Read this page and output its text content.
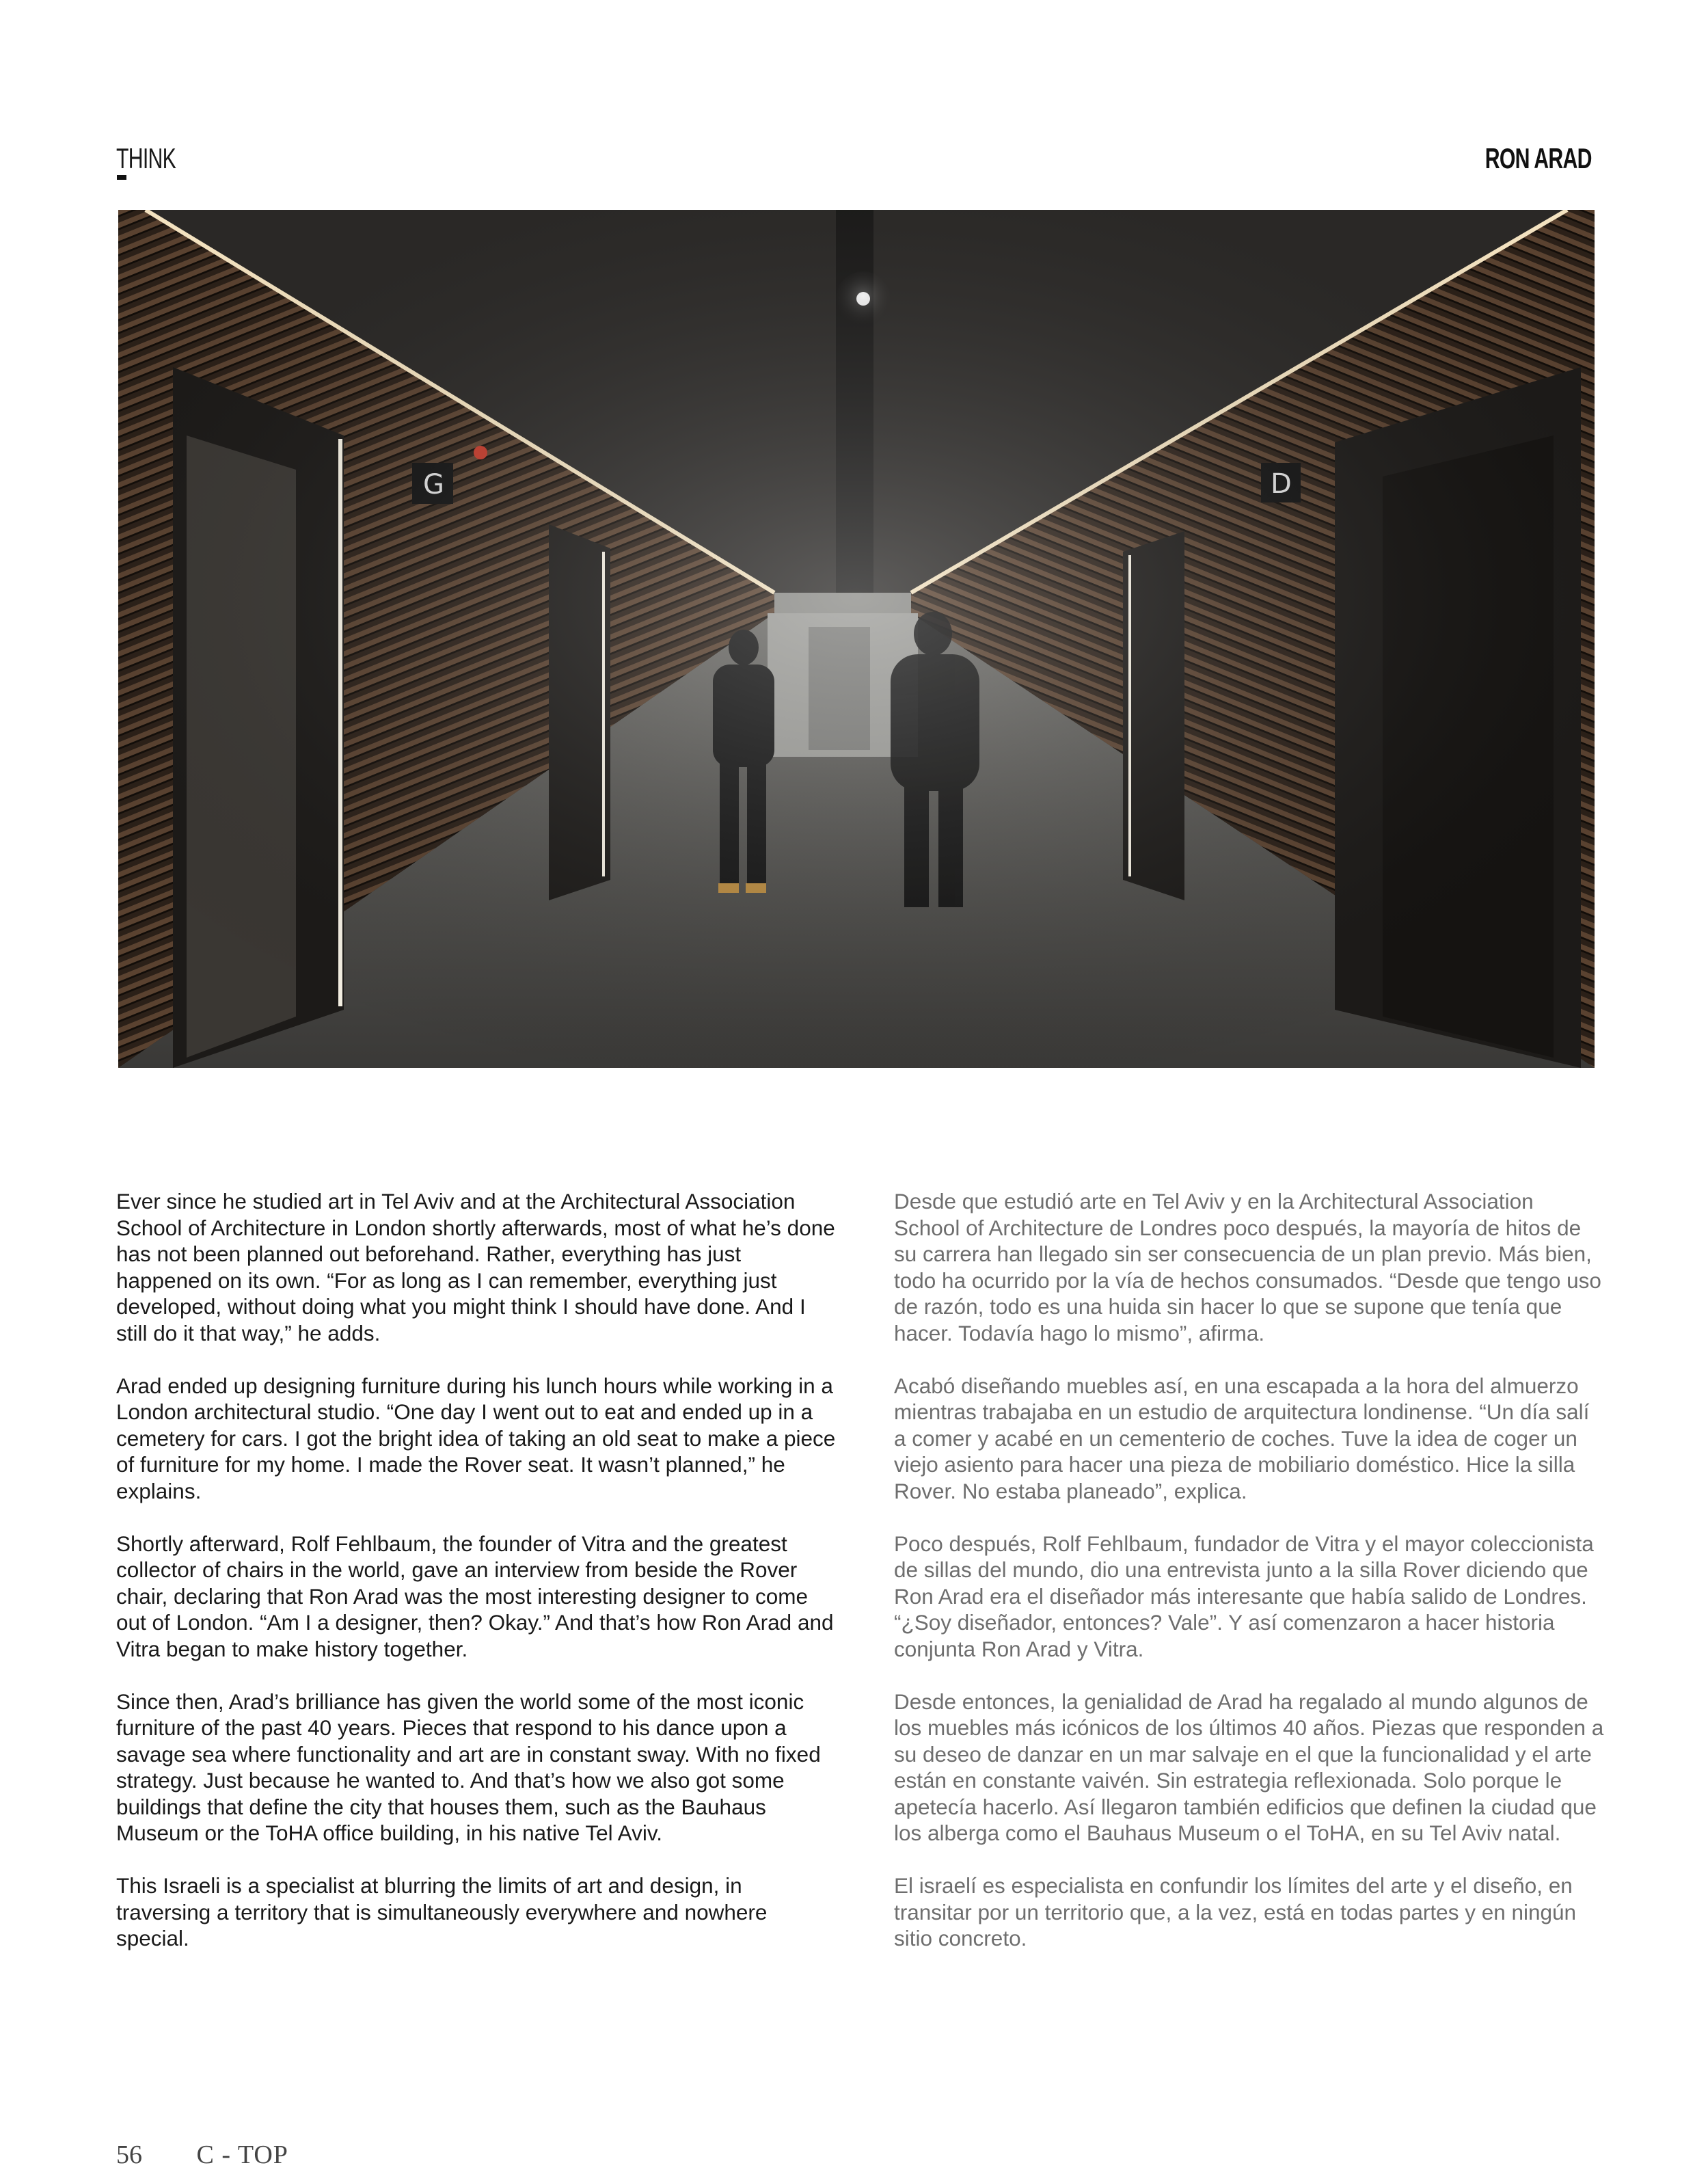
THINK	RON ARAD

Ever since he studied art in Tel Aviv and at the Architectural Association School of Architecture in London shortly afterwards, most of what he’s done has not been planned out beforehand. Rather, everything has just happened on its own. “For as long as I can remember, everything just developed, without doing what you might think I should have done. And I still do it that way,” he adds.

Arad ended up designing furniture during his lunch hours while working in a London architectural studio. “One day I went out to eat and ended up in a cemetery for cars. I got the bright idea of taking an old seat to make a piece of furniture for my home. I made the Rover seat. It wasn’t planned,” he explains.

Shortly afterward, Rolf Fehlbaum, the founder of Vitra and the greatest collector of chairs in the world, gave an interview from beside the Rover chair, declaring that Ron Arad was the most interesting designer to come out of London. “Am I a designer, then? Okay.” And that’s how Ron Arad and Vitra began to make history together.

Since then, Arad’s brilliance has given the world some of the most iconic furniture of the past 40 years. Pieces that respond to his dance upon a savage sea where functionality and art are in constant sway. With no fixed strategy. Just because he wanted to. And that’s how we also got some buildings that define the city that houses them, such as the Bauhaus Museum or the ToHA office building, in his native Tel Aviv.

This Israeli is a specialist at blurring the limits of art and design, in traversing a territory that is simultaneously everywhere and nowhere special.

Desde que estudió arte en Tel Aviv y en la Architectural Association School of Architecture de Londres poco después, la mayoría de hitos de su carrera han llegado sin ser consecuencia de un plan previo. Más bien, todo ha ocurrido por la vía de hechos consumados. “Desde que tengo uso de razón, todo es una huida sin hacer lo que se supone que tenía que hacer. Todavía hago lo mismo”, afirma.

Acabó diseñando muebles así, en una escapada a la hora del almuerzo mientras trabajaba en un estudio de arquitectura londinense. “Un día salí a comer y acabé en un cementerio de coches. Tuve la idea de coger un viejo asiento para hacer una pieza de mobiliario doméstico. Hice la silla Rover. No estaba planeado”, explica.

Poco después, Rolf Fehlbaum, fundador de Vitra y el mayor coleccionista de sillas del mundo, dio una entrevista junto a la silla Rover diciendo que Ron Arad era el diseñador más interesante que había salido de Londres. “¿Soy diseñador, entonces? Vale”. Y así comenzaron a hacer historia conjunta Ron Arad y Vitra.

Desde entonces, la genialidad de Arad ha regalado al mundo algunos de los muebles más icónicos de los últimos 40 años. Piezas que responden a su deseo de danzar en un mar salvaje en el que la funcionalidad y el arte están en constante vaivén. Sin estrategia reflexionada. Solo porque le apetecía hacerlo. Así llegaron también edificios que definen la ciudad que los alberga como el Bauhaus Museum o el ToHA, en su Tel Aviv natal.

El israelí es especialista en confundir los límites del arte y el diseño, en transitar por un territorio que, a la vez, está en todas partes y en ningún sitio concreto.

56 C - TOP
